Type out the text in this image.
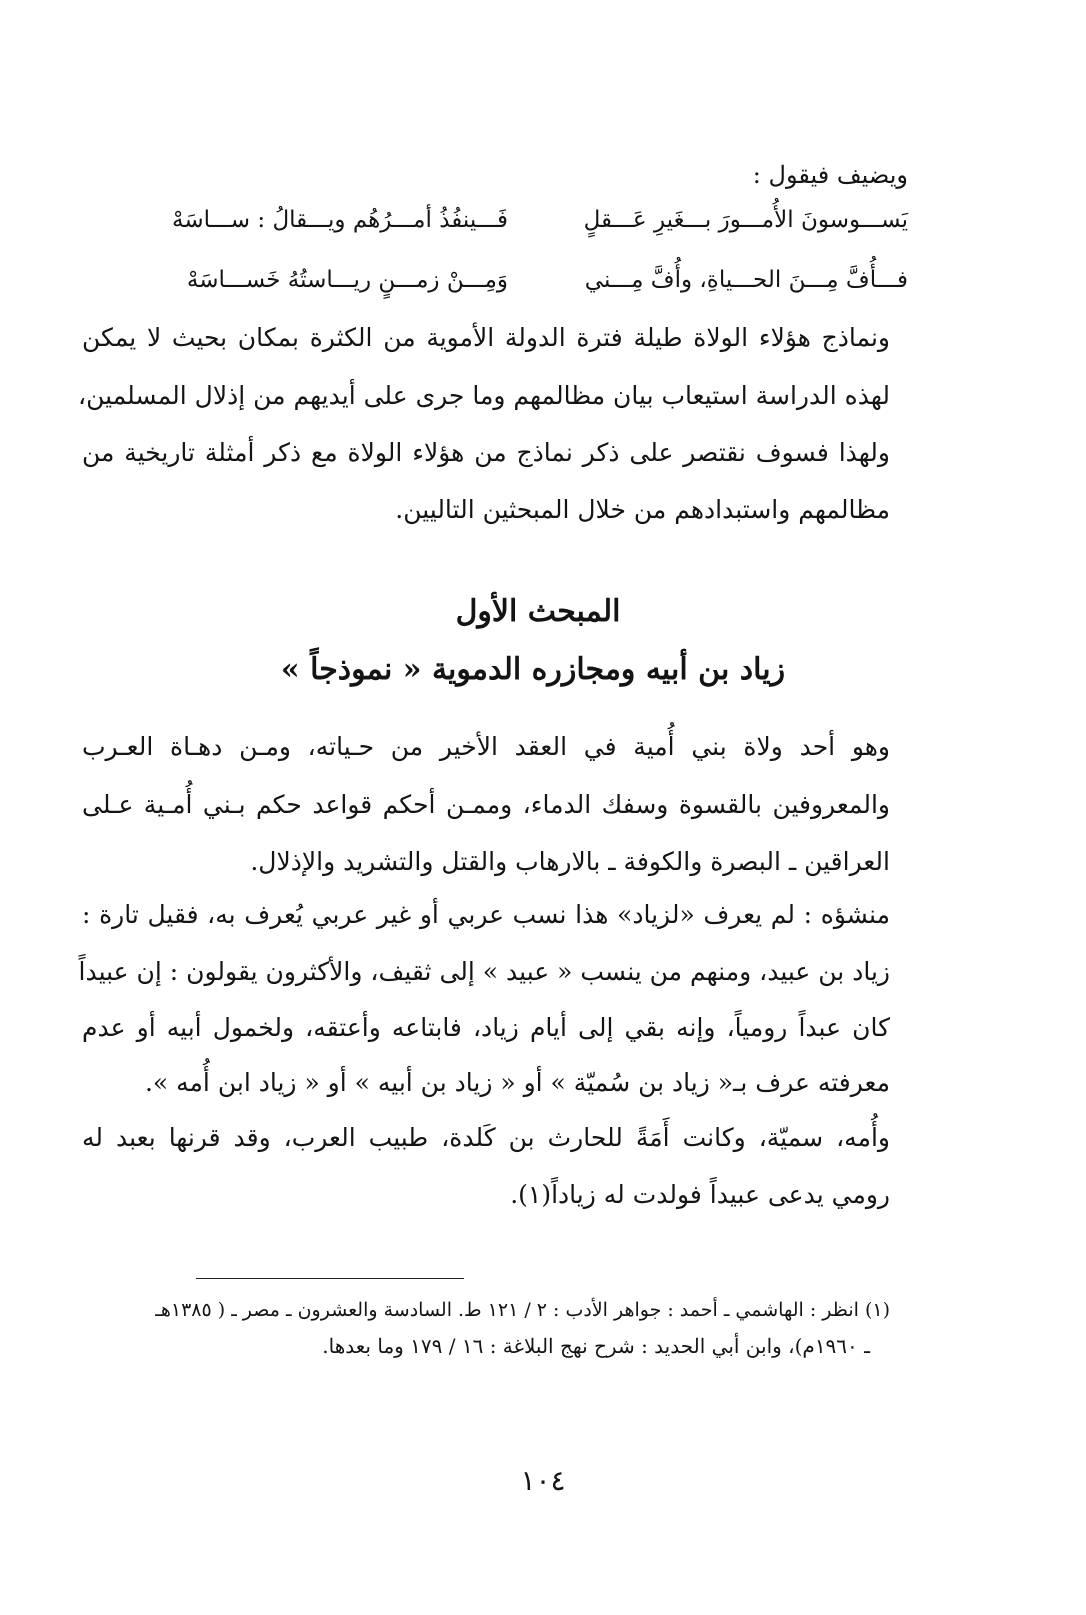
ويضيف فيقول :
يَســـوسونَ الأُمـــورَ بـــغَيرِ عَـــقلٍ
فَـــينفُذُ أمـــرُهُم ويـــقالُ : ســـاسَهْ
فـــأُفَّ مِـــنَ الحـــياةِ، وأُفَّ مِـــني
وَمِـــنْ زمـــنٍ ريـــاستُهُ خَســـاسَهْ
ونماذج هؤلاء الولاة طيلة فترة الدولة الأموية من الكثرة بمكان بحيث لا يمكن
لهذه الدراسة استيعاب بيان مظالمهم وما جرى على أيديهم من إذلال المسلمين،
ولهذا فسوف نقتصر على ذكر نماذج من هؤلاء الولاة مع ذكر أمثلة تاريخية من
مظالمهم واستبدادهم من خلال المبحثين التاليين.
المبحث الأول
زياد بن أبيه ومجازره الدموية « نموذجاً »
وهو أحد ولاة بني أُمية في العقد الأخير من حـياته، ومـن دهـاة العـرب
والمعروفين بالقسوة وسفك الدماء، وممـن أحكم قواعد حكم بـني أُمـية عـلى
العراقين ـ البصرة والكوفة ـ بالارهاب والقتل والتشريد والإذلال.
منشؤه : لم يعرف «لزياد» هذا نسب عربي أو غير عربي يُعرف به، فقيل تارة :
زياد بن عبيد، ومنهم من ينسب « عبيد » إلى ثقيف، والأكثرون يقولون : إن عبيداً
كان عبداً رومياً، وإنه بقي إلى أيام زياد، فابتاعه وأعتقه، ولخمول أبيه أو عدم
معرفته عرف بـ« زياد بن سُميّة » أو « زياد بن أبيه » أو « زياد ابن أُمه ».
وأُمه، سميّة، وكانت أَمَةً للحارث بن كَلدة، طبيب العرب، وقد قرنها بعبد له
رومي يدعى عبيداً فولدت له زياداً(١).
(١) انظر : الهاشمي ـ أحمد : جواهر الأدب : ٢ / ١٢١ ط. السادسة والعشرون ـ مصر ـ ( ١٣٨٥هـ
ـ ١٩٦٠م)، وابن أبي الحديد : شرح نهج البلاغة : ١٦ / ١٧٩ وما بعدها.
١٠٤
